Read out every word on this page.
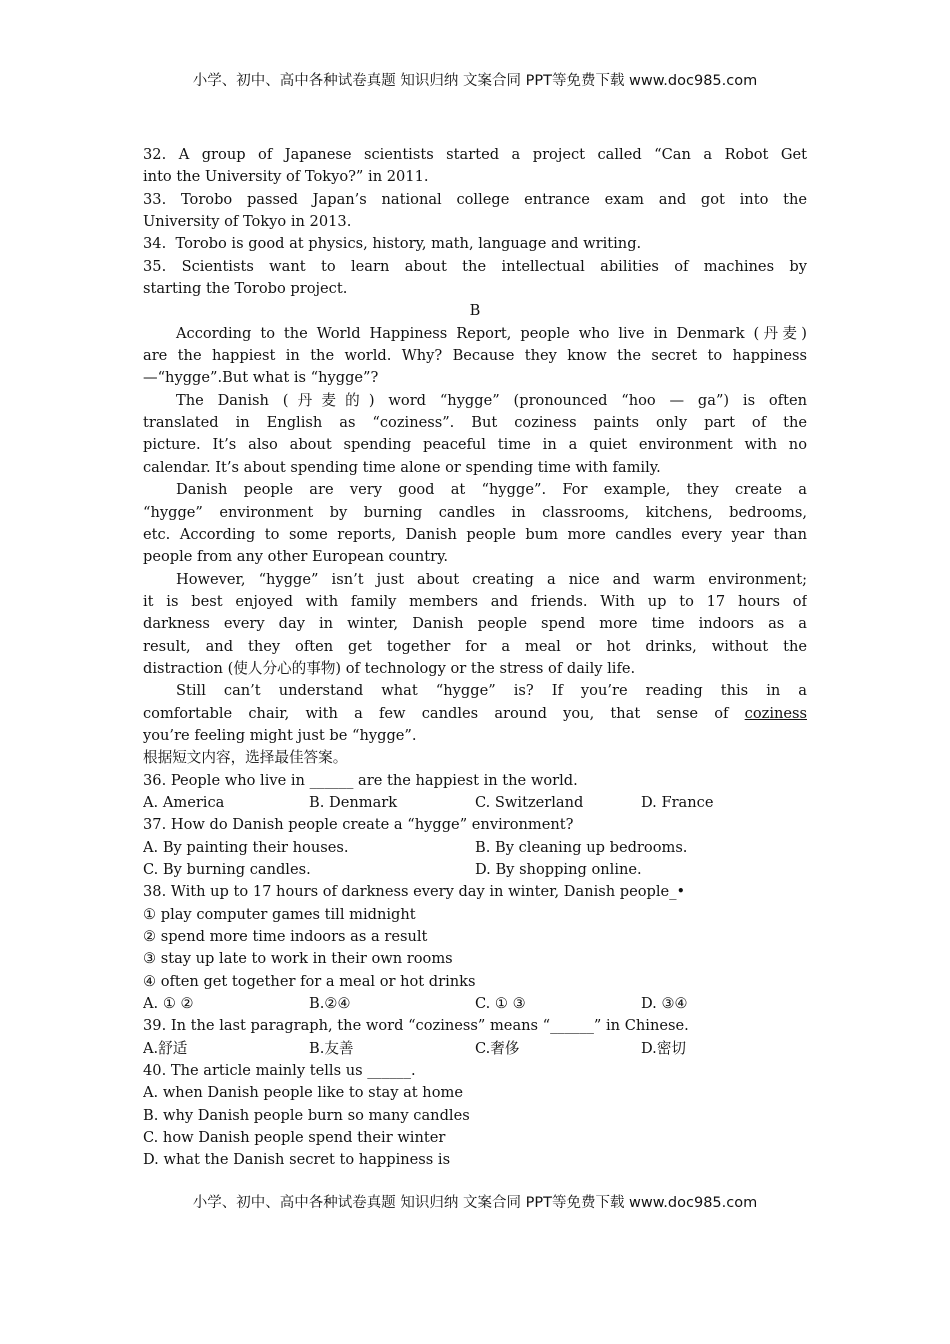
小学、初中、高中各种试卷真题 知识归纳 文案合同 PPT等免费下载 www.doc985.com
32. A group of Japanese scientists started a project called “Can a Robot Get
into the University of Tokyo?” in 2011.
33. Torobo passed Japan’s national college entrance exam and got into the
University of Tokyo in 2013.
34.  Torobo is good at physics, history, math, language and writing.
35. Scientists want to learn about the intellectual abilities of machines by
starting the Torobo project.
B
According to the World Happiness Report, people who live in Denmark (丹麦)
are the happiest in the world. Why? Because they know the secret to happiness
—“hygge”.But what is “hygge”?
The Danish (丹麦的) word “hygge” (pronounced “hoo — ga”) is often
translated in English as “coziness”. But coziness paints only part of the
picture. It’s also about spending peaceful time in a quiet environment with no
calendar. It’s about spending time alone or spending time with family.
Danish people are very good at “hygge”. For example, they create a
“hygge” environment by burning candles in classrooms, kitchens, bedrooms,
etc. According to some reports, Danish people bum more candles every year than
people from any other European country.
However, “hygge” isn’t just about creating a nice and warm environment;
it is best enjoyed with family members and friends. With up to 17 hours of
darkness every day in winter, Danish people spend more time indoors as a
result, and they often get together for a meal or hot drinks, without the
distraction (使人分心的事物) of technology or the stress of daily life.
Still can’t understand what “hygge” is? If you’re reading this in a
comfortable chair, with a few candles around you, that sense of coziness
you’re feeling might just be “hygge”.
根据短文内容，选择最佳答案。
36. People who live in ______ are the happiest in the world.
A. America	B. Denmark	C. Switzerland	D. France
37. How do Danish people create a “hygge” environment?
A. By painting their houses.	B. By cleaning up bedrooms.
C. By burning candles.	D. By shopping online.
38. With up to 17 hours of darkness every day in winter, Danish people_•
① play computer games till midnight
② spend more time indoors as a result
③ stay up late to work in their own rooms
④ often get together for a meal or hot drinks
A. ① ②	B.②④	C. ① ③	D. ③④
39. In the last paragraph, the word “coziness” means “______” in Chinese.
A.舒适	B.友善	C.奢侈	D.密切
40. The article mainly tells us ______.
A. when Danish people like to stay at home
B. why Danish people burn so many candles
C. how Danish people spend their winter
D. what the Danish secret to happiness is
小学、初中、高中各种试卷真题 知识归纳 文案合同 PPT等免费下载 www.doc985.com
